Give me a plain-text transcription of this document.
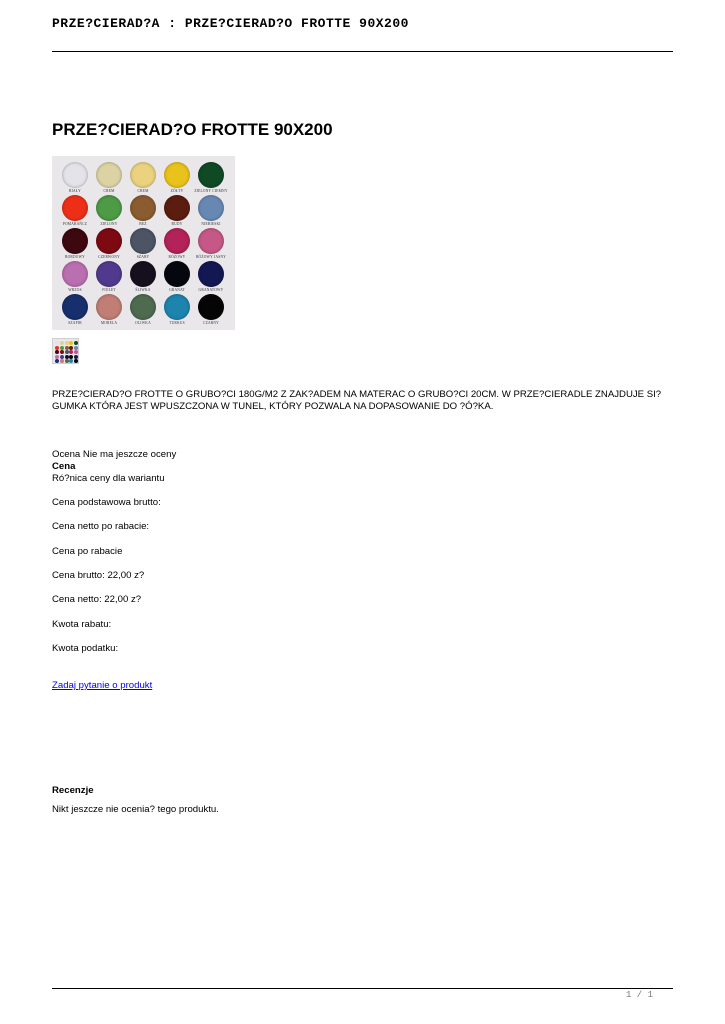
PRZE?CIERAD?A : PRZE?CIERAD?O FROTTE 90X200
PRZE?CIERAD?O FROTTE 90X200
BIAŁY	CREM	CREM	ŻÓŁTY	ZIELONY CIEMNY
POMARAŃCZ	ZIELONY	BEŻ	RUDY	NIEBIESKI
BORDOWY	CZERWONY	SZARY	RÓŻOWY	RÓŻOWY JASNY
WRZOS	FIOLET	ŚLIWKA	GRANAT	GRANATOWY
SZAFIR	MORELA	OLIWKA	TURKUS	CZARNY

PRZE?CIERAD?O FROTTE O GRUBO?CI 180G/M2 Z ZAK?ADEM NA MATERAC O GRUBO?CI 20CM. W PRZE?CIERADLE ZNAJDUJE SI? GUMKA KTÓRA JEST WPUSZCZONA W TUNEL, KTÓRY POZWALA NA DOPASOWANIE DO ?Ó?KA.

Ocena Nie ma jeszcze oceny
Cena
Ró?nica ceny dla wariantu
Cena podstawowa brutto:
Cena netto po rabacie:
Cena po rabacie
Cena brutto: 22,00 z?
Cena netto: 22,00 z?
Kwota rabatu:
Kwota podatku:
Zadaj pytanie o produkt
Recenzje
Nikt jeszcze nie ocenia? tego produktu.
1 / 1
